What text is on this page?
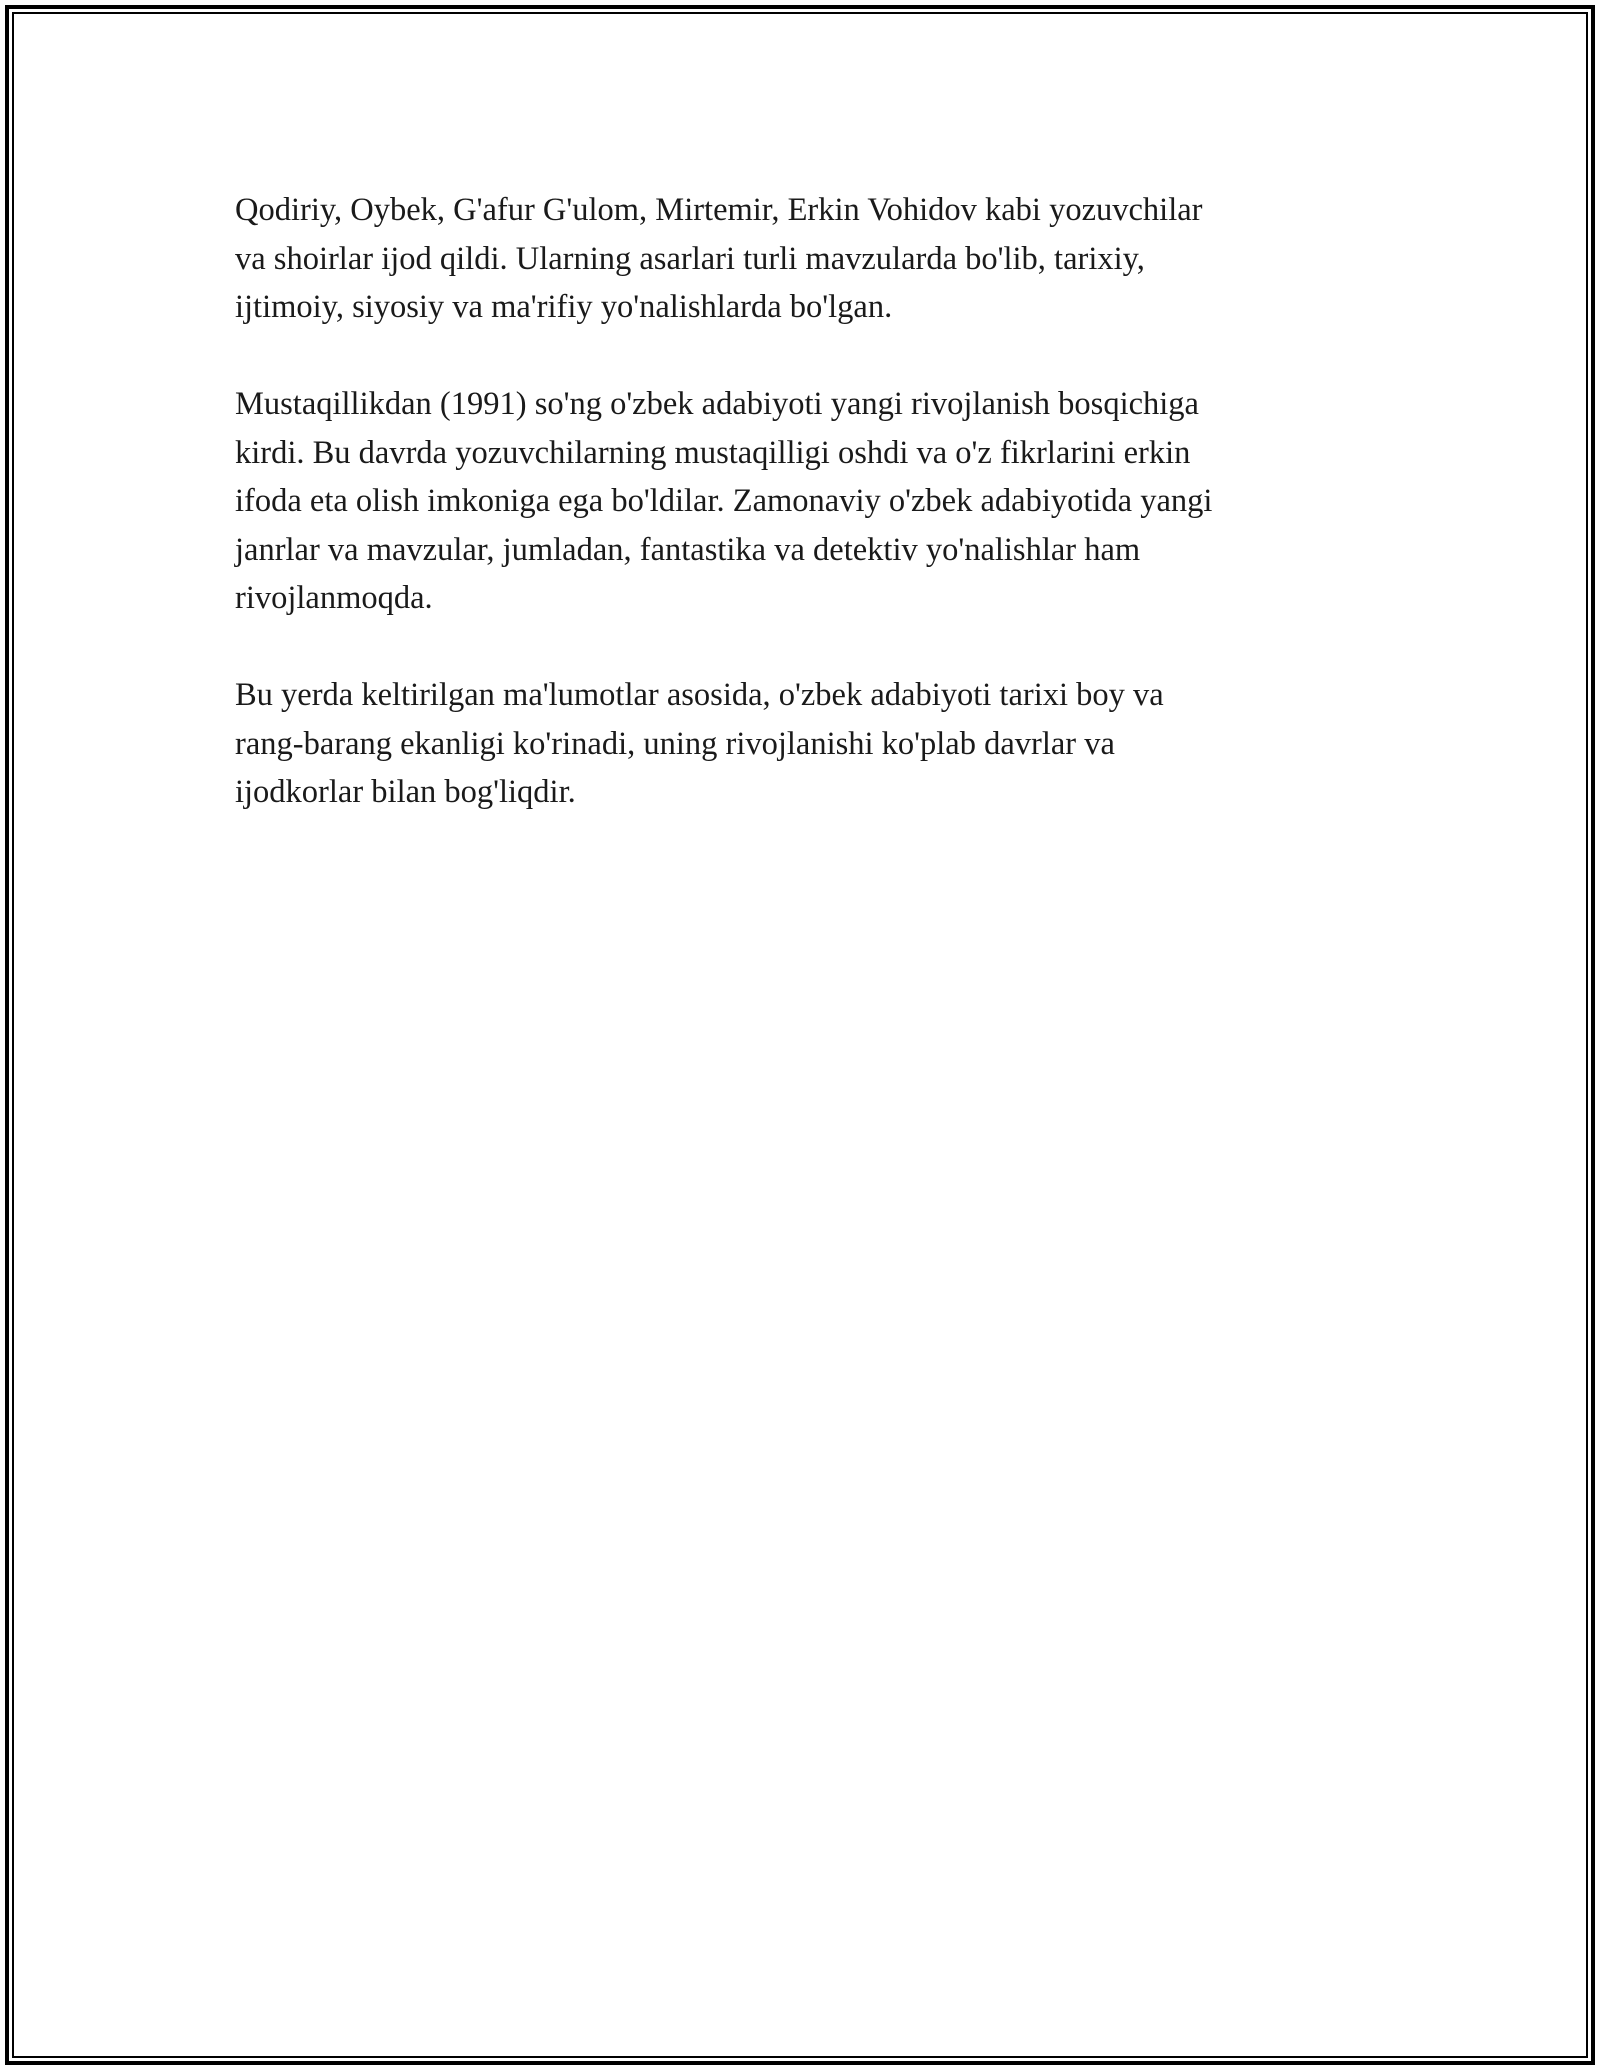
Qodiriy, Oybek, G'afur G'ulom, Mirtemir, Erkin Vohidov kabi yozuvchilar
va shoirlar ijod qildi. Ularning asarlari turli mavzularda bo'lib, tarixiy,
ijtimoiy, siyosiy va ma'rifiy yo'nalishlarda bo'lgan.

Mustaqillikdan (1991) so'ng o'zbek adabiyoti yangi rivojlanish bosqichiga
kirdi. Bu davrda yozuvchilarning mustaqilligi oshdi va o'z fikrlarini erkin
ifoda eta olish imkoniga ega bo'ldilar. Zamonaviy o'zbek adabiyotida yangi
janrlar va mavzular, jumladan, fantastika va detektiv yo'nalishlar ham
rivojlanmoqda.

Bu yerda keltirilgan ma'lumotlar asosida, o'zbek adabiyoti tarixi boy va
rang-barang ekanligi ko'rinadi, uning rivojlanishi ko'plab davrlar va
ijodkorlar bilan bog'liqdir.
